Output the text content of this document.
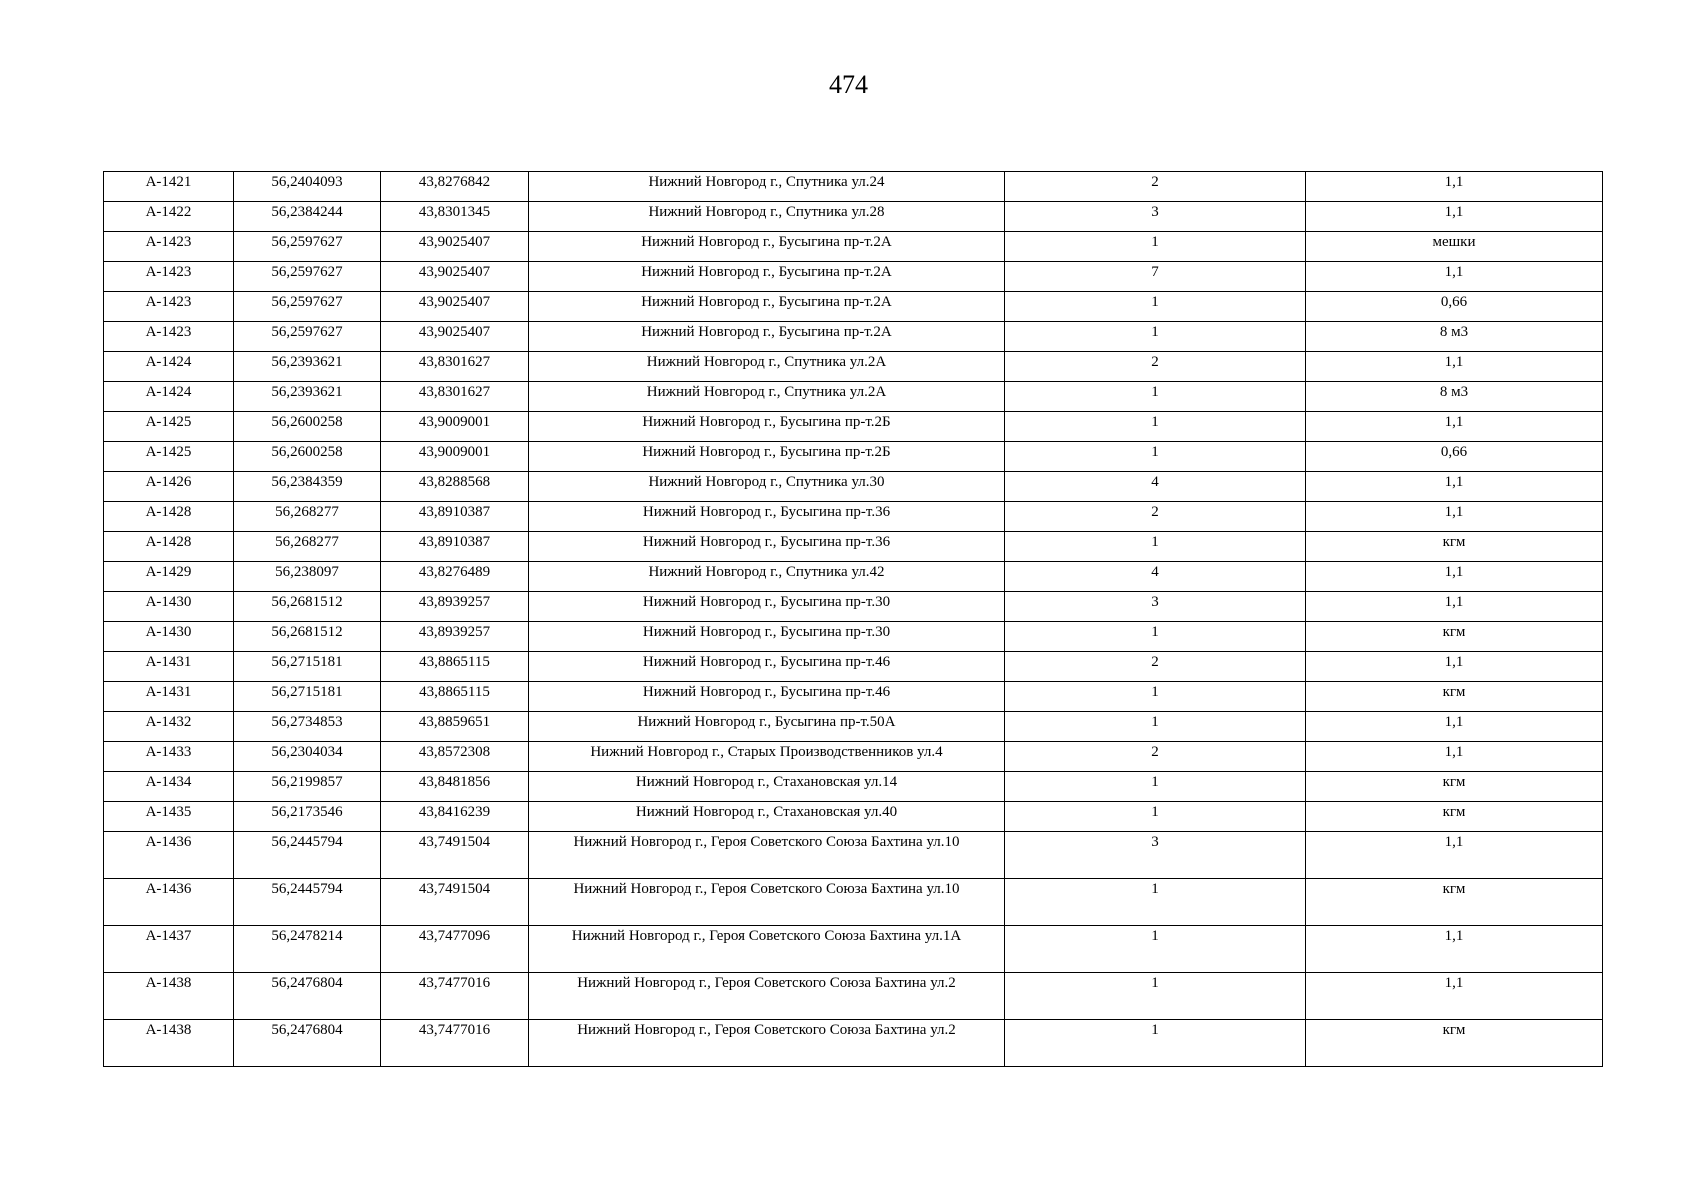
474
А-1421	56,2404093	43,8276842	Нижний Новгород г., Спутника ул.24	2	1,1
А-1422	56,2384244	43,8301345	Нижний Новгород г., Спутника ул.28	3	1,1
А-1423	56,2597627	43,9025407	Нижний Новгород г., Бусыгина пр-т.2А	1	мешки
А-1423	56,2597627	43,9025407	Нижний Новгород г., Бусыгина пр-т.2А	7	1,1
А-1423	56,2597627	43,9025407	Нижний Новгород г., Бусыгина пр-т.2А	1	0,66
А-1423	56,2597627	43,9025407	Нижний Новгород г., Бусыгина пр-т.2А	1	8 м3
А-1424	56,2393621	43,8301627	Нижний Новгород г., Спутника ул.2А	2	1,1
А-1424	56,2393621	43,8301627	Нижний Новгород г., Спутника ул.2А	1	8 м3
А-1425	56,2600258	43,9009001	Нижний Новгород г., Бусыгина пр-т.2Б	1	1,1
А-1425	56,2600258	43,9009001	Нижний Новгород г., Бусыгина пр-т.2Б	1	0,66
А-1426	56,2384359	43,8288568	Нижний Новгород г., Спутника ул.30	4	1,1
А-1428	56,268277	43,8910387	Нижний Новгород г., Бусыгина пр-т.36	2	1,1
А-1428	56,268277	43,8910387	Нижний Новгород г., Бусыгина пр-т.36	1	кгм
А-1429	56,238097	43,8276489	Нижний Новгород г., Спутника ул.42	4	1,1
А-1430	56,2681512	43,8939257	Нижний Новгород г., Бусыгина пр-т.30	3	1,1
А-1430	56,2681512	43,8939257	Нижний Новгород г., Бусыгина пр-т.30	1	кгм
А-1431	56,2715181	43,8865115	Нижний Новгород г., Бусыгина пр-т.46	2	1,1
А-1431	56,2715181	43,8865115	Нижний Новгород г., Бусыгина пр-т.46	1	кгм
А-1432	56,2734853	43,8859651	Нижний Новгород г., Бусыгина пр-т.50А	1	1,1
А-1433	56,2304034	43,8572308	Нижний Новгород г., Старых Производственников ул.4	2	1,1
А-1434	56,2199857	43,8481856	Нижний Новгород г., Стахановская ул.14	1	кгм
А-1435	56,2173546	43,8416239	Нижний Новгород г., Стахановская ул.40	1	кгм
А-1436	56,2445794	43,7491504	Нижний Новгород г., Героя Советского Союза Бахтина ул.10	3	1,1
А-1436	56,2445794	43,7491504	Нижний Новгород г., Героя Советского Союза Бахтина ул.10	1	кгм
А-1437	56,2478214	43,7477096	Нижний Новгород г., Героя Советского Союза Бахтина ул.1А	1	1,1
А-1438	56,2476804	43,7477016	Нижний Новгород г., Героя Советского Союза Бахтина ул.2	1	1,1
А-1438	56,2476804	43,7477016	Нижний Новгород г., Героя Советского Союза Бахтина ул.2	1	кгм
